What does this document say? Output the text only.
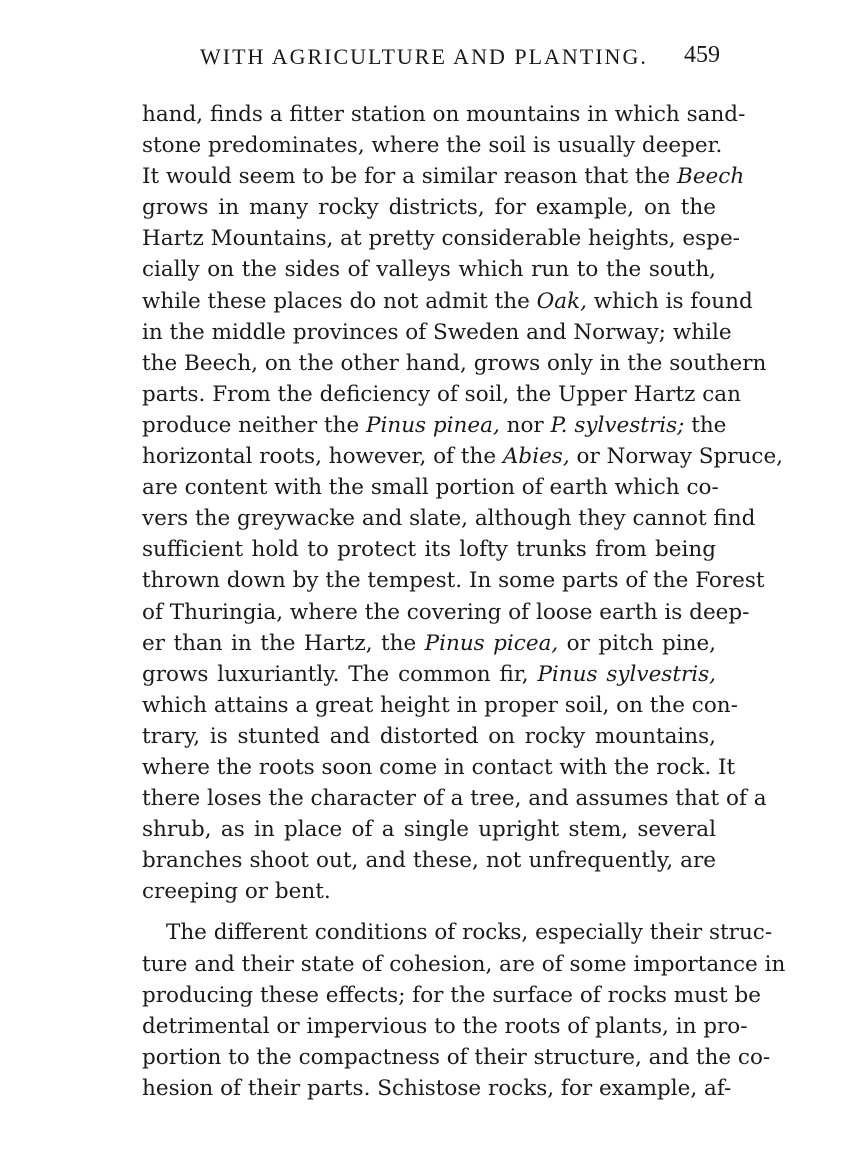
WITH AGRICULTURE AND PLANTING. 459
hand, finds a fitter station on mountains in which sand-
stone predominates, where the soil is usually deeper.
It would seem to be for a similar reason that the Beech
grows in many rocky districts, for example, on the
Hartz Mountains, at pretty considerable heights, espe-
cially on the sides of valleys which run to the south,
while these places do not admit the Oak, which is found
in the middle provinces of Sweden and Norway; while
the Beech, on the other hand, grows only in the southern
parts. From the deficiency of soil, the Upper Hartz can
produce neither the Pinus pinea, nor P. sylvestris; the
horizontal roots, however, of the Abies, or Norway Spruce,
are content with the small portion of earth which co-
vers the greywacke and slate, although they cannot find
sufficient hold to protect its lofty trunks from being
thrown down by the tempest. In some parts of the Forest
of Thuringia, where the covering of loose earth is deep-
er than in the Hartz, the Pinus picea, or pitch pine,
grows luxuriantly. The common fir, Pinus sylvestris,
which attains a great height in proper soil, on the con-
trary, is stunted and distorted on rocky mountains,
where the roots soon come in contact with the rock. It
there loses the character of a tree, and assumes that of a
shrub, as in place of a single upright stem, several
branches shoot out, and these, not unfrequently, are
creeping or bent.
The different conditions of rocks, especially their struc-
ture and their state of cohesion, are of some importance in
producing these effects; for the surface of rocks must be
detrimental or impervious to the roots of plants, in pro-
portion to the compactness of their structure, and the co-
hesion of their parts. Schistose rocks, for example, af-
